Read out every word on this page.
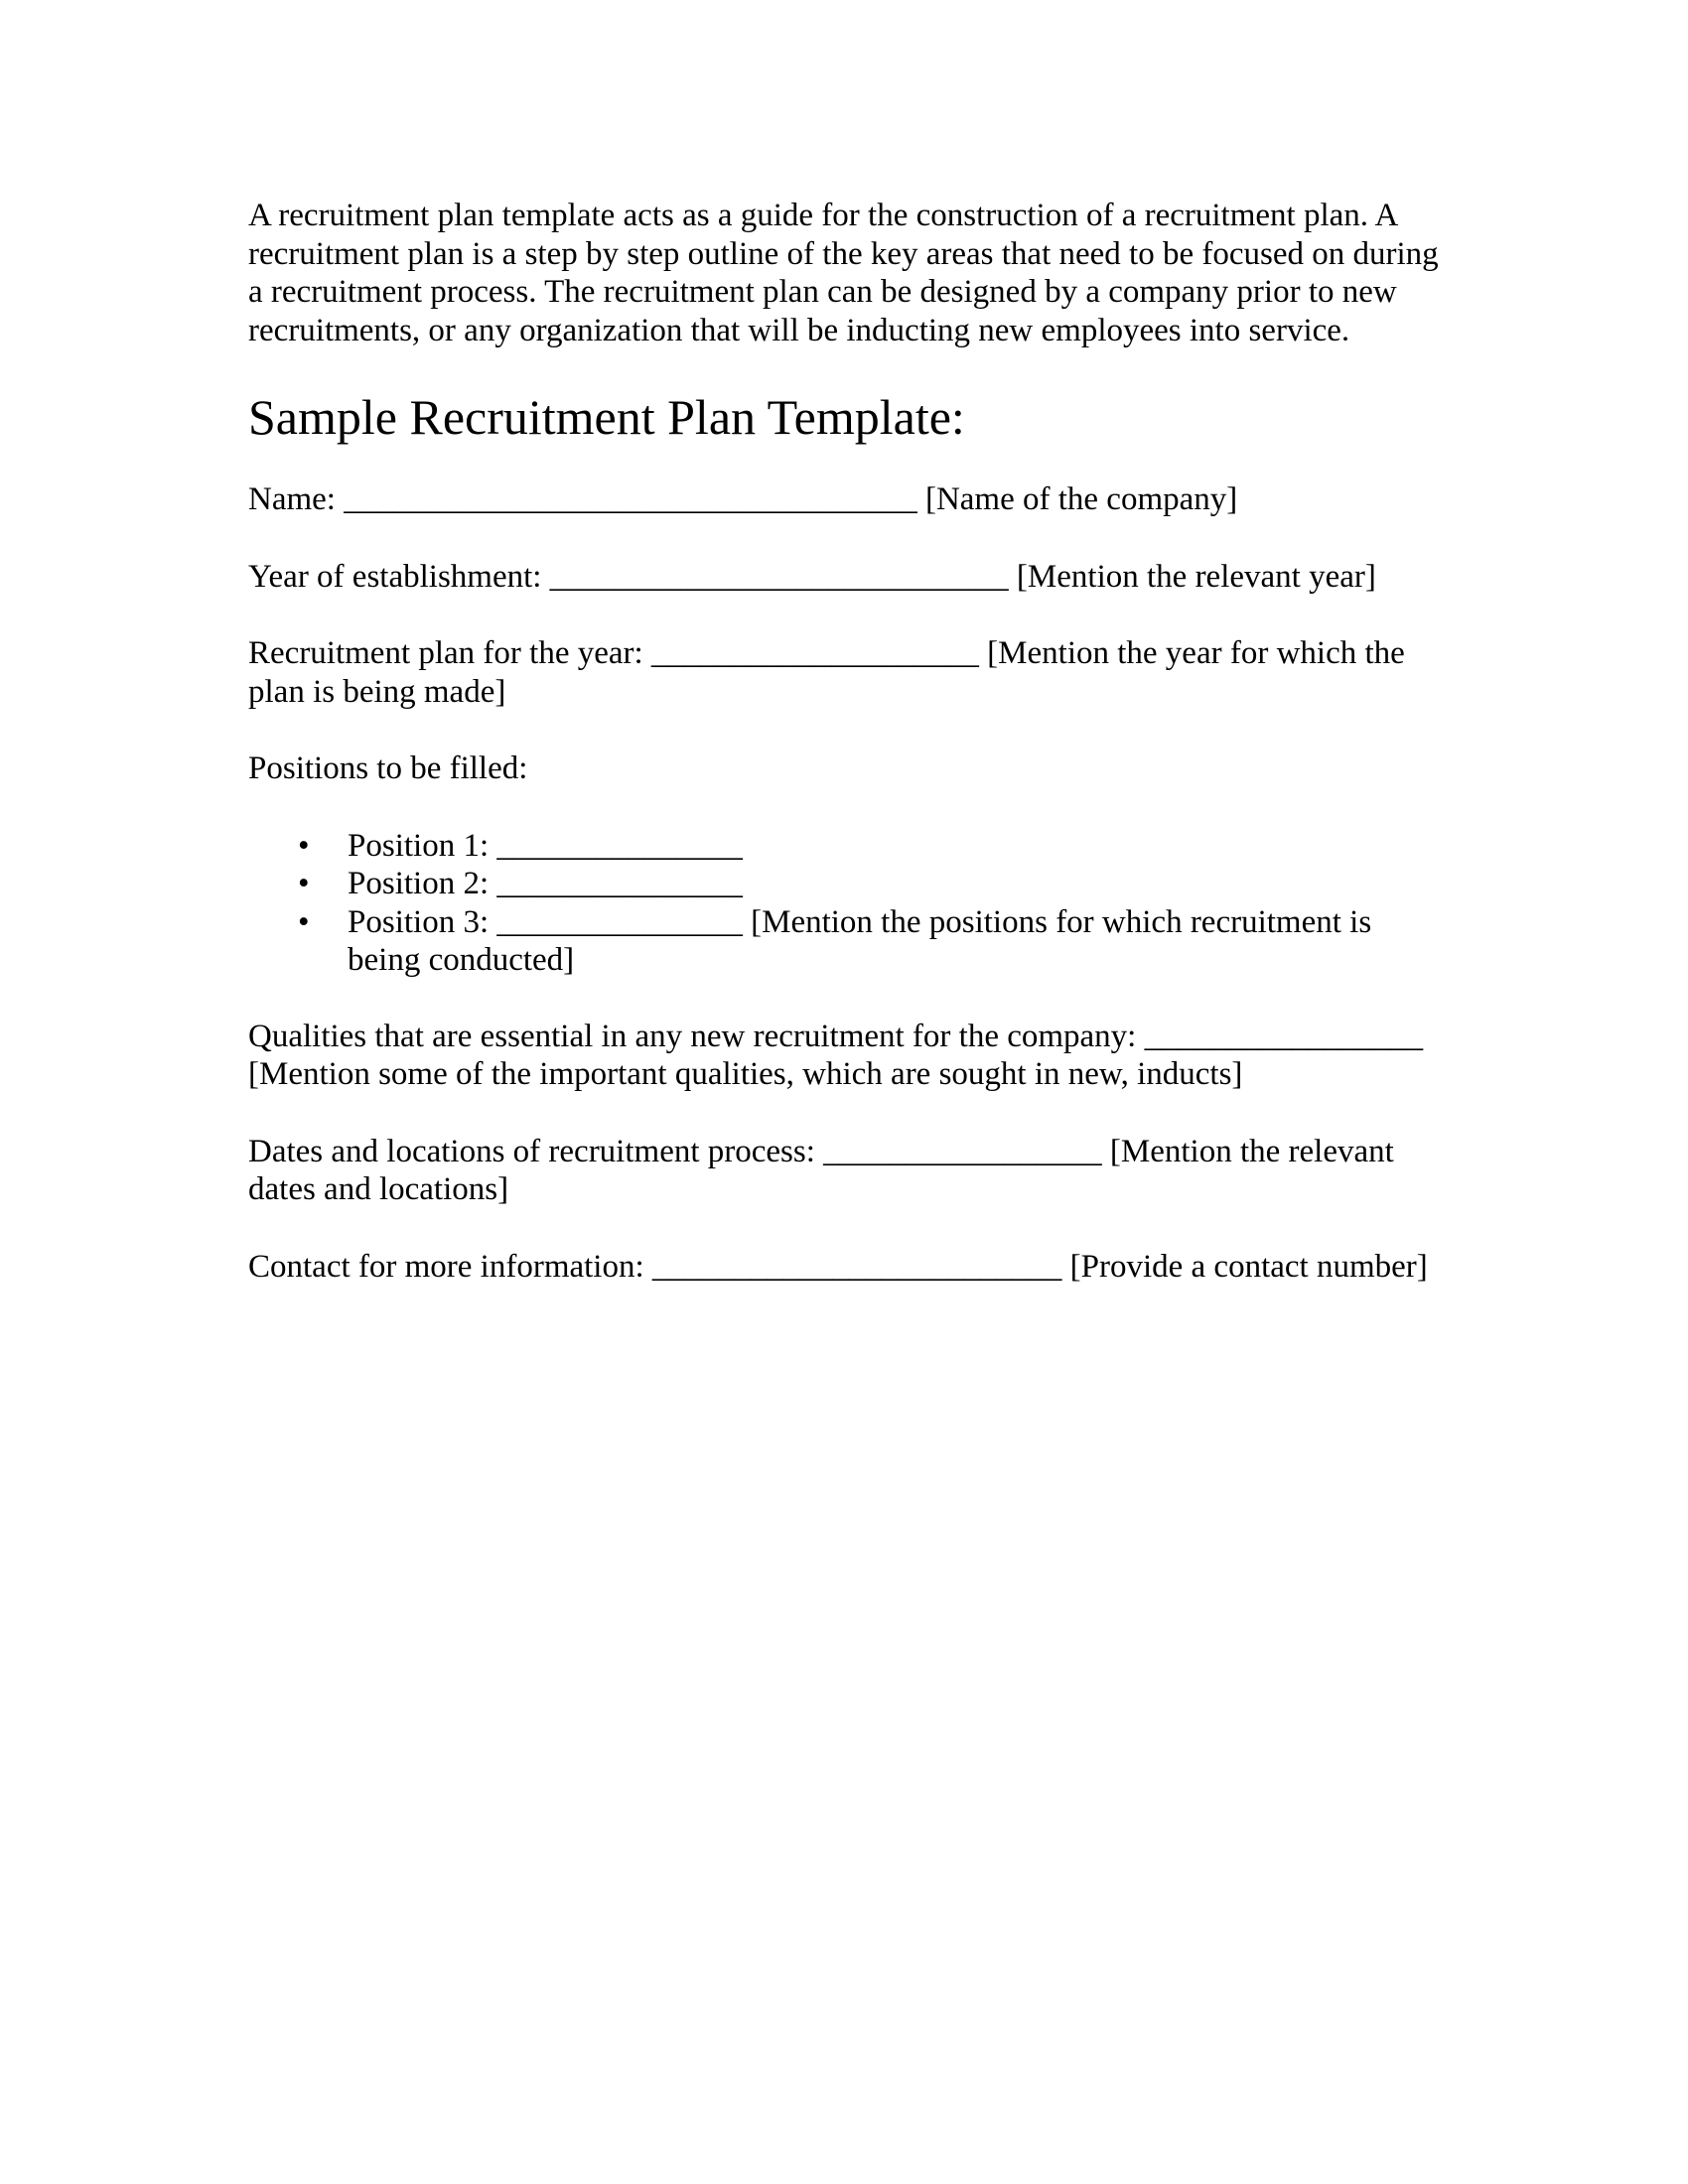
A recruitment plan template acts as a guide for the construction of a recruitment plan. A recruitment plan is a step by step outline of the key areas that need to be focused on during a recruitment process. The recruitment plan can be designed by a company prior to new recruitments, or any organization that will be inducting new employees into service.

Sample Recruitment Plan Template:

Name: ___________________________________ [Name of the company]

Year of establishment: ____________________________ [Mention the relevant year]

Recruitment plan for the year: ____________________ [Mention the year for which the plan is being made]

Positions to be filled:

• Position 1: _______________
• Position 2: _______________
• Position 3: _______________ [Mention the positions for which recruitment is being conducted]

Qualities that are essential in any new recruitment for the company: _________________ [Mention some of the important qualities, which are sought in new, inducts]

Dates and locations of recruitment process: _________________ [Mention the relevant dates and locations]

Contact for more information: _________________________ [Provide a contact number]
